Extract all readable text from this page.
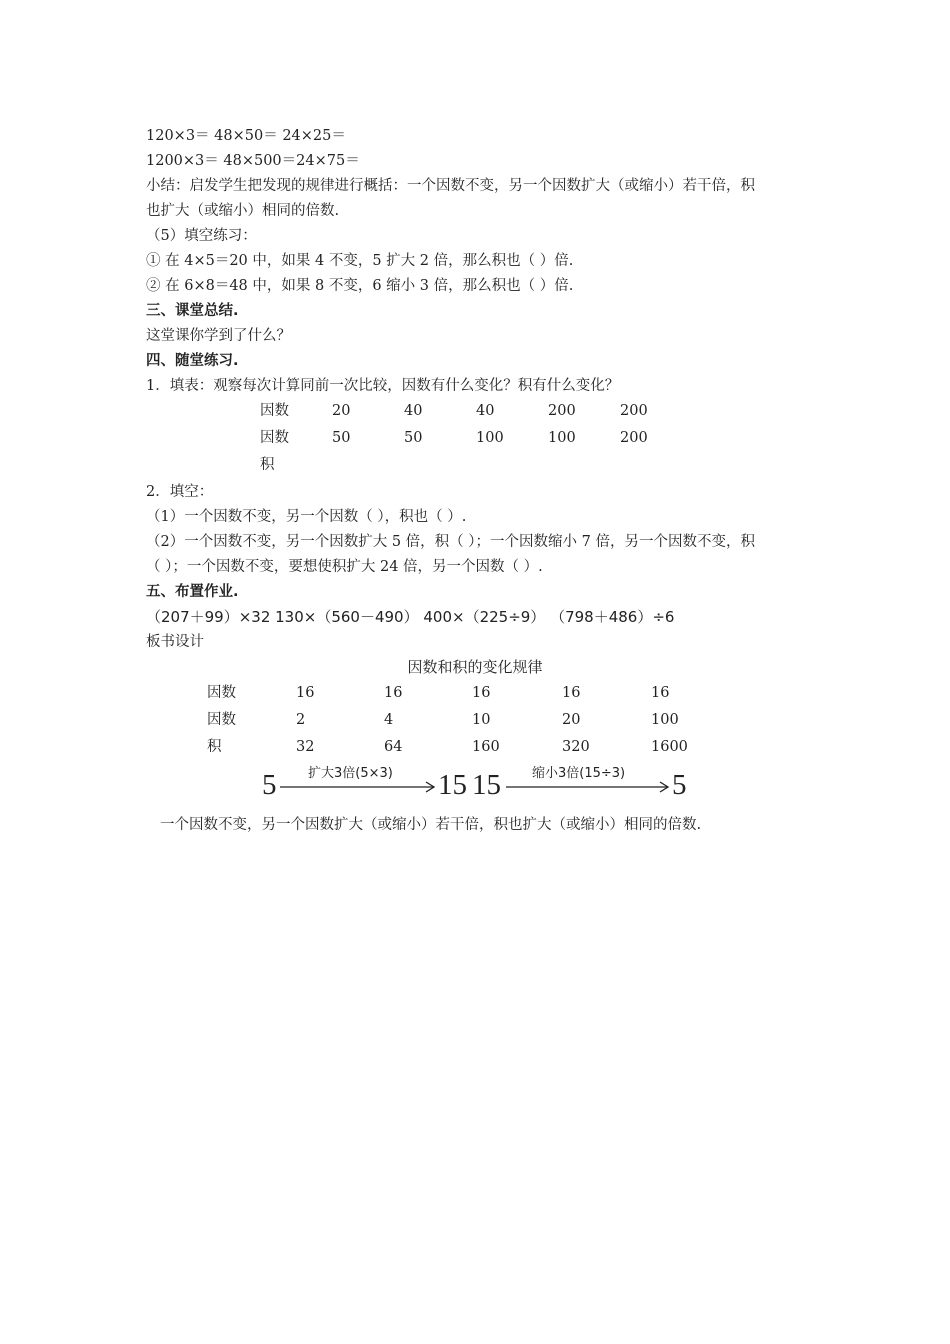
120×3＝ 48×50＝ 24×25＝
1200×3＝ 48×500＝24×75＝
小结：启发学生把发现的规律进行概括：一个因数不变，另一个因数扩大（或缩小）若干倍，积
也扩大（或缩小）相同的倍数.
（5）填空练习：
① 在 4×5＝20 中，如果 4 不变，5 扩大 2 倍，那么积也（ ）倍.
② 在 6×8＝48 中，如果 8 不变，6 缩小 3 倍，那么积也（ ）倍.
三、课堂总结.
这堂课你学到了什么？
四、随堂练习.
1．填表：观察每次计算同前一次比较，因数有什么变化？积有什么变化？
因数	20	40	40	200	200
因数	50	50	100	100	200
积
2．填空：
（1）一个因数不变，另一个因数（ ），积也（ ）.
（2）一个因数不变，另一个因数扩大 5 倍，积（ ）；一个因数缩小 7 倍，另一个因数不变，积
（ ）；一个因数不变，要想使积扩大 24 倍，另一个因数（ ）.
五、布置作业.
（207＋99）×32 130×（560－490） 400×（225÷9） （798＋486）÷6
板书设计
因数和积的变化规律
因数	16	16	16	16	16
因数	2	4	10	20	100
积	32	64	160	320	1600
5 扩大3倍(5×3) 15 15 缩小3倍(15÷3) 5
一个因数不变，另一个因数扩大（或缩小）若干倍，积也扩大（或缩小）相同的倍数.
